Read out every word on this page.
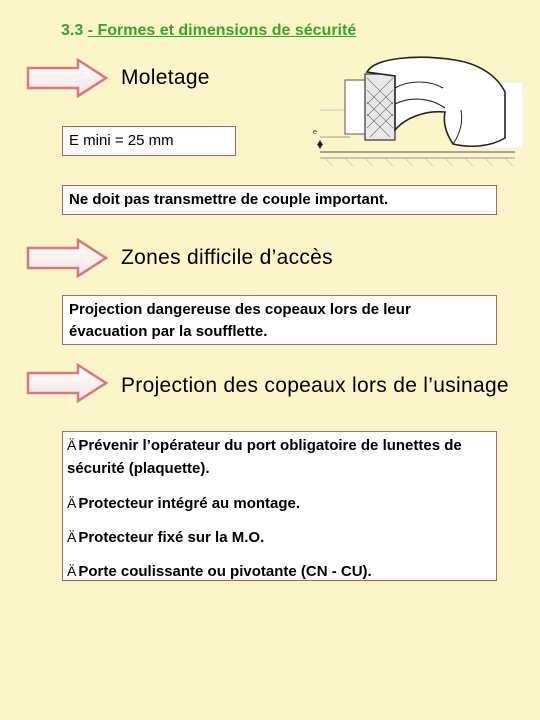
3.3 - Formes et dimensions de sécurité
Moletage
E mini = 25 mm	e
Ne doit pas transmettre de couple important.
Zones difficile d’accès
Projection dangereuse des copeaux lors de leur évacuation par la soufflette.
Projection des copeaux lors de l’usinage
Ä Prévenir l’opérateur du port obligatoire de lunettes de sécurité (plaquette).
Ä Protecteur intégré au montage.
Ä Protecteur fixé sur la M.O.
Ä Porte coulissante ou pivotante (CN - CU).
